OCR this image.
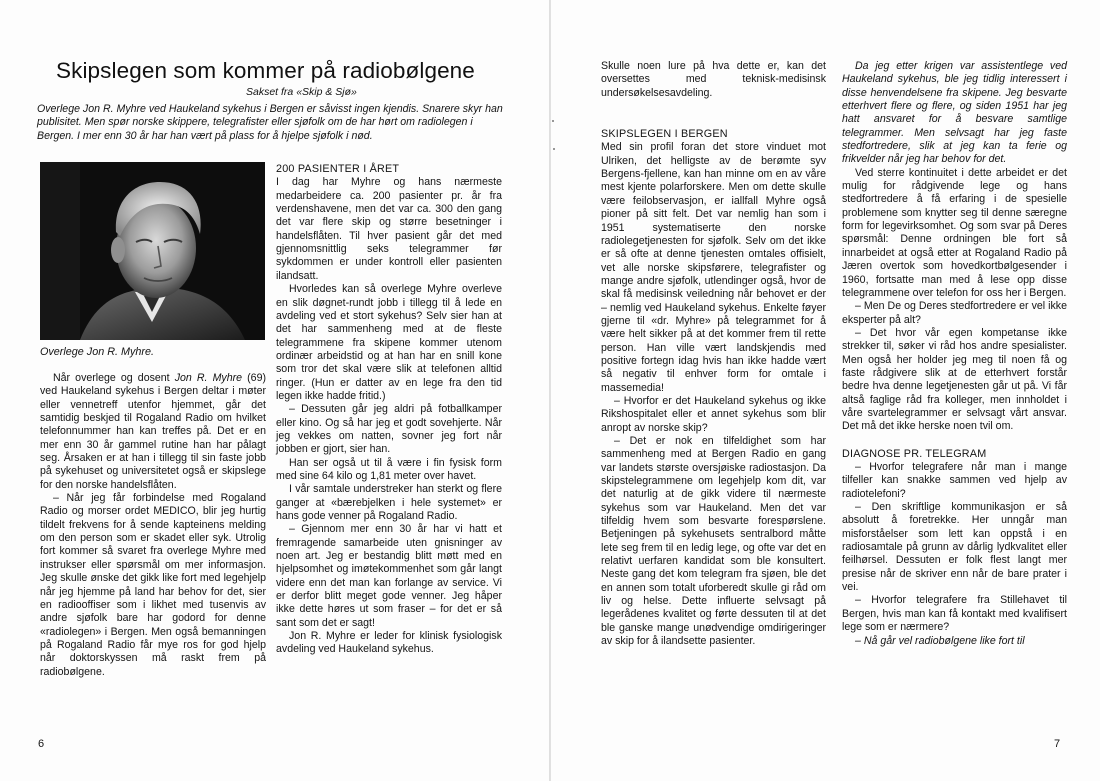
Skipslegen som kommer på radiobølgene

Sakset fra «Skip & Sjø»

Overlege Jon R. Myhre ved Haukeland sykehus i Bergen er såvisst ingen kjendis. Snarere skyr han publisitet. Men spør norske skippere, telegrafister eller sjøfolk om de har hørt om radiolegen i Bergen. I mer enn 30 år har han vært på plass for å hjelpe sjøfolk i nød.

Overlege Jon R. Myhre.

Når overlege og dosent Jon R. Myhre (69) ved Haukeland sykehus i Bergen deltar i møter eller vennetreff utenfor hjemmet, går det samtidig beskjed til Rogaland Radio om hvilket telefonnummer han kan treffes på. Det er en mer enn 30 år gammel rutine han har pålagt seg. Årsaken er at han i tillegg til sin faste jobb på sykehuset og universitetet også er skipslege for den norske handelsflåten.

– Når jeg får forbindelse med Rogaland Radio og morser ordet MEDICO, blir jeg hurtig tildelt frekvens for å sende kapteinens melding om den person som er skadet eller syk. Utrolig fort kommer så svaret fra overlege Myhre med instrukser eller spørsmål om mer informasjon. Jeg skulle ønske det gikk like fort med legehjelp når jeg hjemme på land har behov for det, sier en radiooffiser som i likhet med tusenvis av andre sjøfolk bare har godord for denne «radiolegen» i Bergen. Men også bemanningen på Rogaland Radio får mye ros for god hjelp når doktorskyssen må raskt frem på radiobølgene.

200 PASIENTER I ÅRET

I dag har Myhre og hans nærmeste medarbeidere ca. 200 pasienter pr. år fra verdenshavene, men det var ca. 300 den gang det var flere skip og større besetninger i handelsflåten. Til hver pasient går det med gjennomsnittlig seks telegrammer før sykdommen er under kontroll eller pasienten ilandsatt.

Hvorledes kan så overlege Myhre overleve en slik døgnet-rundt jobb i tillegg til å lede en avdeling ved et stort sykehus? Selv sier han at det har sammenheng med at de fleste telegrammene fra skipene kommer utenom ordinær arbeidstid og at han har en snill kone som tror det skal være slik at telefonen alltid ringer. (Hun er datter av en lege fra den tid legen ikke hadde fritid.)

– Dessuten går jeg aldri på fotballkamper eller kino. Og så har jeg et godt sovehjerte. Når jeg vekkes om natten, sovner jeg fort når jobben er gjort, sier han.

Han ser også ut til å være i fin fysisk form med sine 64 kilo og 1,81 meter over havet.

I vår samtale understreker han sterkt og flere ganger at «bærebjelken i hele systemet» er hans gode venner på Rogaland Radio.

– Gjennom mer enn 30 år har vi hatt et fremragende samarbeide uten gnisninger av noen art. Jeg er bestandig blitt møtt med en hjelpsomhet og imøtekommenhet som går langt videre enn det man kan forlange av service. Vi er derfor blitt meget gode venner. Jeg håper ikke dette høres ut som fraser – for det er så sant som det er sagt!

Jon R. Myhre er leder for klinisk fysiologisk avdeling ved Haukeland sykehus.

6

Skulle noen lure på hva dette er, kan det oversettes med teknisk-medisinsk undersøkelsesavdeling.

SKIPSLEGEN I BERGEN

Med sin profil foran det store vinduet mot Ulriken, det helligste av de berømte syv Bergens-fjellene, kan han minne om en av våre mest kjente polarforskere. Men om dette skulle være feilobservasjon, er iallfall Myhre også pioner på sitt felt. Det var nemlig han som i 1951 systematiserte den norske radiolegetjenesten for sjøfolk. Selv om det ikke er så ofte at denne tjenesten omtales offisielt, vet alle norske skipsførere, telegrafister og mange andre sjøfolk, utlendinger også, hvor de skal få medisinsk veiledning når behovet er der – nemlig ved Haukeland sykehus. Enkelte føyer gjerne til «dr. Myhre» på telegrammet for å være helt sikker på at det kommer frem til rette person. Han ville vært landskjendis med positive fortegn idag hvis han ikke hadde vært så negativ til enhver form for omtale i massemedia!

– Hvorfor er det Haukeland sykehus og ikke Rikshospitalet eller et annet sykehus som blir anropt av norske skip?

– Det er nok en tilfeldighet som har sammenheng med at Bergen Radio en gang var landets største oversjøiske radiostasjon. Da skipstelegrammene om legehjelp kom dit, var det naturlig at de gikk videre til nærmeste sykehus som var Haukeland. Men det var tilfeldig hvem som besvarte forespørslene. Betjeningen på sykehusets sentralbord måtte lete seg frem til en ledig lege, og ofte var det en relativt uerfaren kandidat som ble konsultert. Neste gang det kom telegram fra sjøen, ble det en annen som totalt uforberedt skulle gi råd om liv og helse. Dette influerte selvsagt på legerådenes kvalitet og førte dessuten til at det ble ganske mange unødvendige omdirigeringer av skip for å ilandsette pasienter.

Da jeg etter krigen var assistentlege ved Haukeland sykehus, ble jeg tidlig interessert i disse henvendelsene fra skipene. Jeg besvarte etterhvert flere og flere, og siden 1951 har jeg hatt ansvaret for å besvare samtlige telegrammer. Men selvsagt har jeg faste stedfortredere, slik at jeg kan ta ferie og frikvelder når jeg har behov for det.

Ved sterre kontinuitet i dette arbeidet er det mulig for rådgivende lege og hans stedfortredere å få erfaring i de spesielle problemene som knytter seg til denne særegne form for legevirksomhet. Og som svar på Deres spørsmål: Denne ordningen ble fort så innarbeidet at også etter at Rogaland Radio på Jæren overtok som hovedkortbølgesender i 1960, fortsatte man med å lese opp disse telegrammene over telefon for oss her i Bergen.

– Men De og Deres stedfortredere er vel ikke eksperter på alt?

– Det hvor vår egen kompetanse ikke strekker til, søker vi råd hos andre spesialister. Men også her holder jeg meg til noen få og faste rådgivere slik at de etterhvert forstår bedre hva denne legetjenesten går ut på. Vi får altså faglige råd fra kolleger, men innholdet i våre svartelegrammer er selvsagt vårt ansvar. Det må det ikke herske noen tvil om.

DIAGNOSE PR. TELEGRAM

– Hvorfor telegrafere når man i mange tilfeller kan snakke sammen ved hjelp av radiotelefoni?

– Den skriftlige kommunikasjon er så absolutt å foretrekke. Her unngår man misforståelser som lett kan oppstå i en radiosamtale på grunn av dårlig lydkvalitet eller feilhørsel. Dessuten er folk flest langt mer presise når de skriver enn når de bare prater i vei.

– Hvorfor telegrafere fra Stillehavet til Bergen, hvis man kan få kontakt med kvalifisert lege som er nærmere?

– Nå går vel radiobølgene like fort til

7
